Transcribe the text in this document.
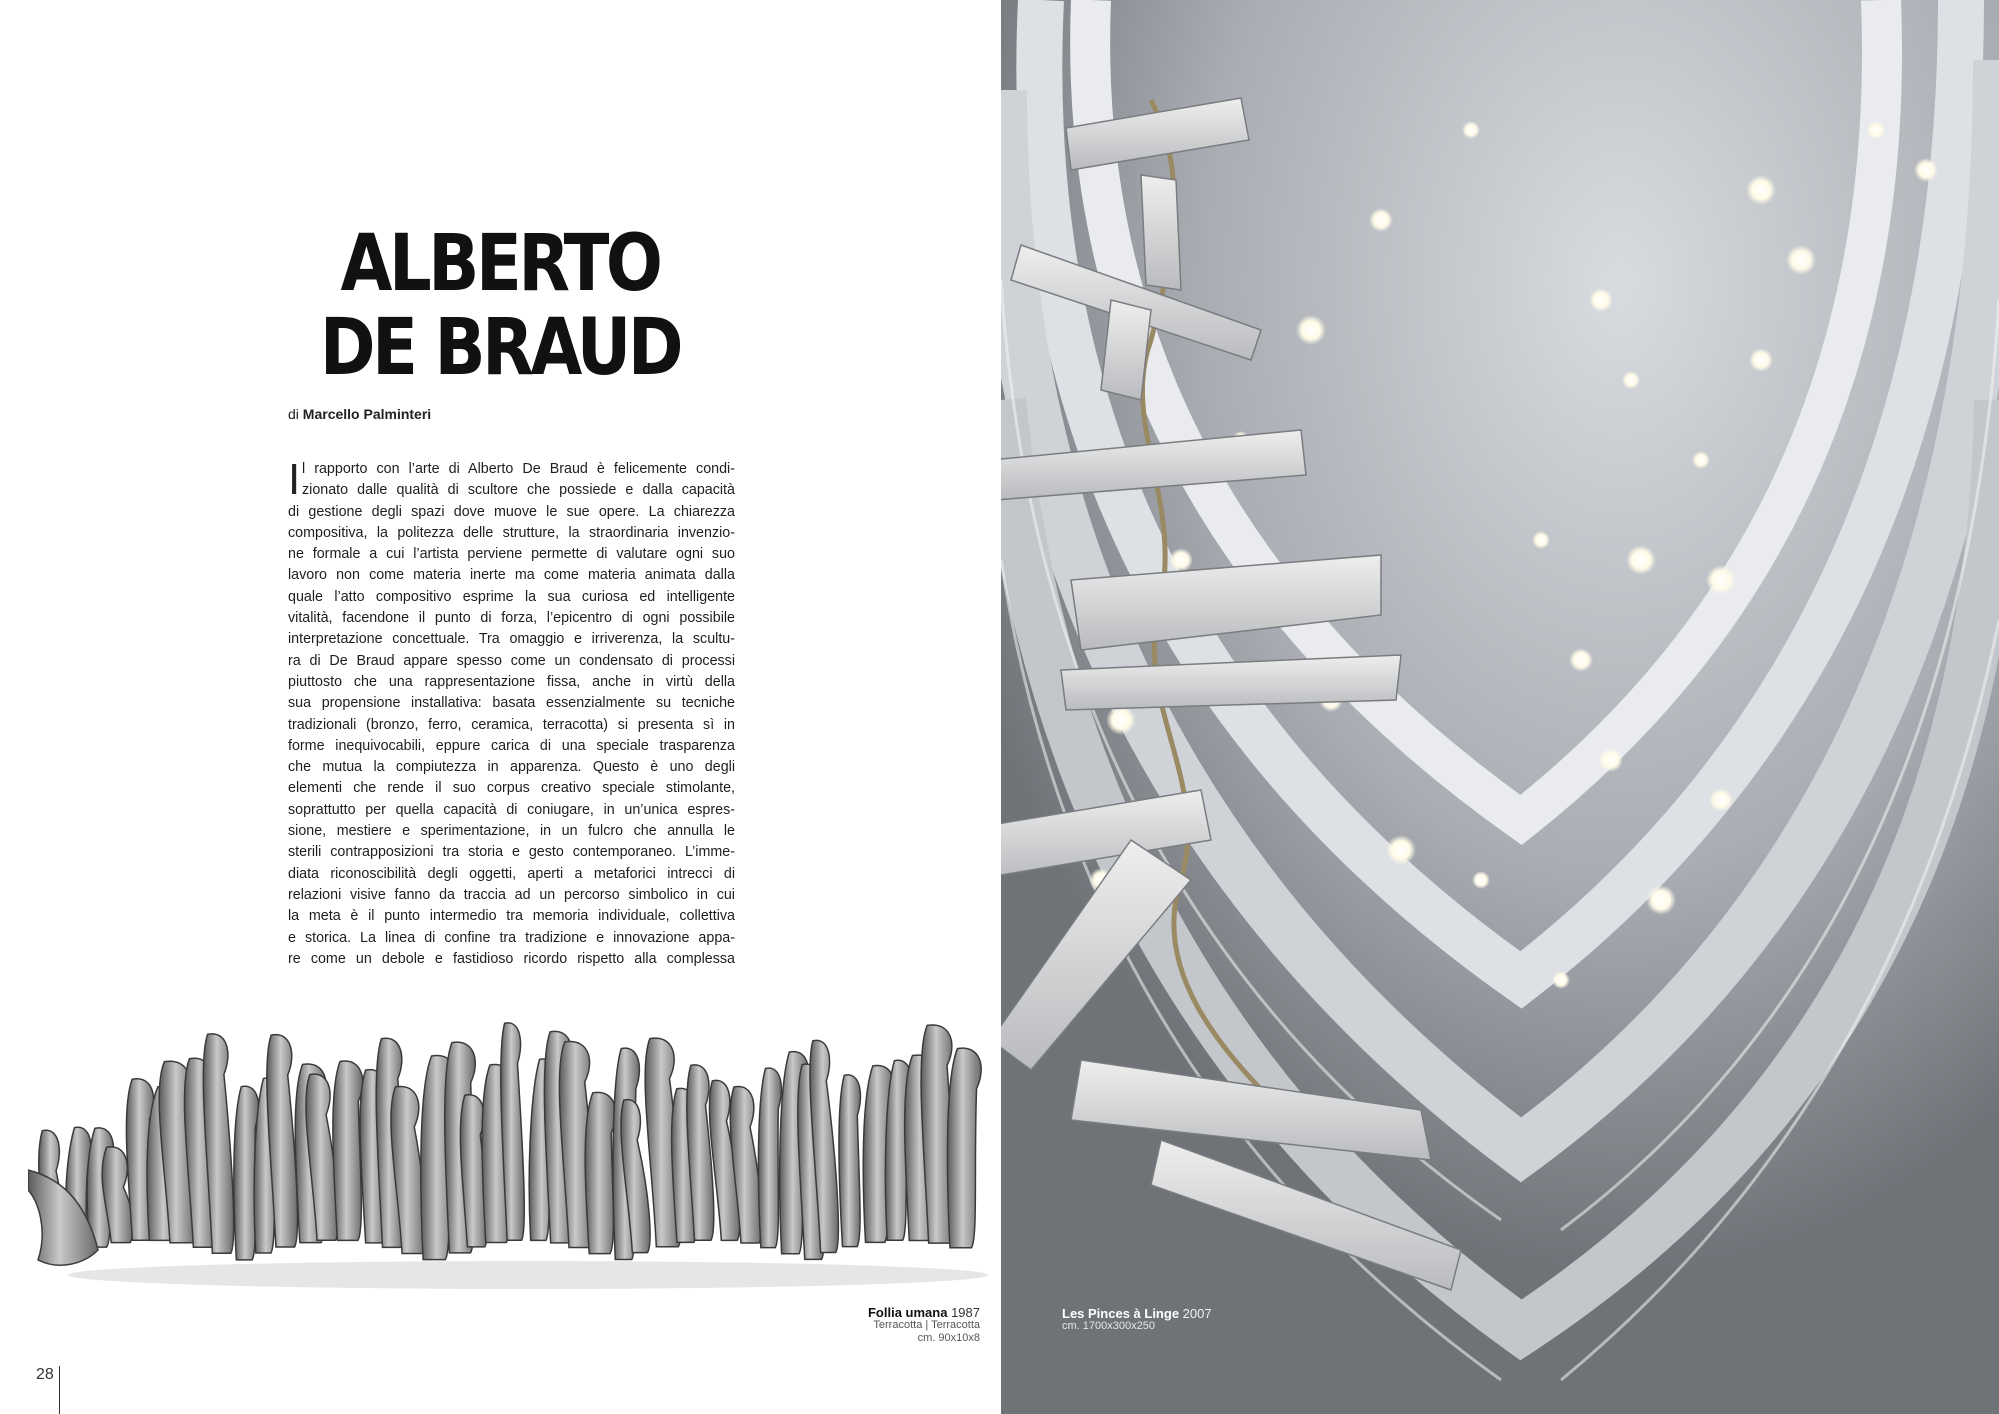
ALBERTO
DE BRAUD
di Marcello Palminteri
I l rapporto con l’arte di Alberto De Braud è felicemente condi-
zionato dalle qualità di scultore che possiede e dalla capacità
di gestione degli spazi dove muove le sue opere. La chiarezza
compositiva, la politezza delle strutture, la straordinaria invenzio-
ne formale a cui l’artista perviene permette di valutare ogni suo
lavoro non come materia inerte ma come materia animata dalla
quale l’atto compositivo esprime la sua curiosa ed intelligente
vitalità, facendone il punto di forza, l’epicentro di ogni possibile
interpretazione concettuale. Tra omaggio e irriverenza, la scultu-
ra di De Braud appare spesso come un condensato di processi
piuttosto che una rappresentazione fissa, anche in virtù della
sua propensione installativa: basata essenzialmente su tecniche
tradizionali (bronzo, ferro, ceramica, terracotta) si presenta sì in
forme inequivocabili, eppure carica di una speciale trasparenza
che mutua la compiutezza in apparenza. Questo è uno degli
elementi che rende il suo corpus creativo speciale stimolante,
soprattutto per quella capacità di coniugare, in un’unica espres-
sione, mestiere e sperimentazione, in un fulcro che annulla le
sterili contrapposizioni tra storia e gesto contemporaneo. L’imme-
diata riconoscibilità degli oggetti, aperti a metaforici intrecci di
relazioni visive fanno da traccia ad un percorso simbolico in cui
la meta è il punto intermedio tra memoria individuale, collettiva
e storica. La linea di confine tra tradizione e innovazione appa-
re come un debole e fastidioso ricordo rispetto alla complessa
Follia umana 1987
Terracotta | Terracotta
cm. 90x10x8
28
Les Pinces à Linge 2007
cm. 1700x300x250
